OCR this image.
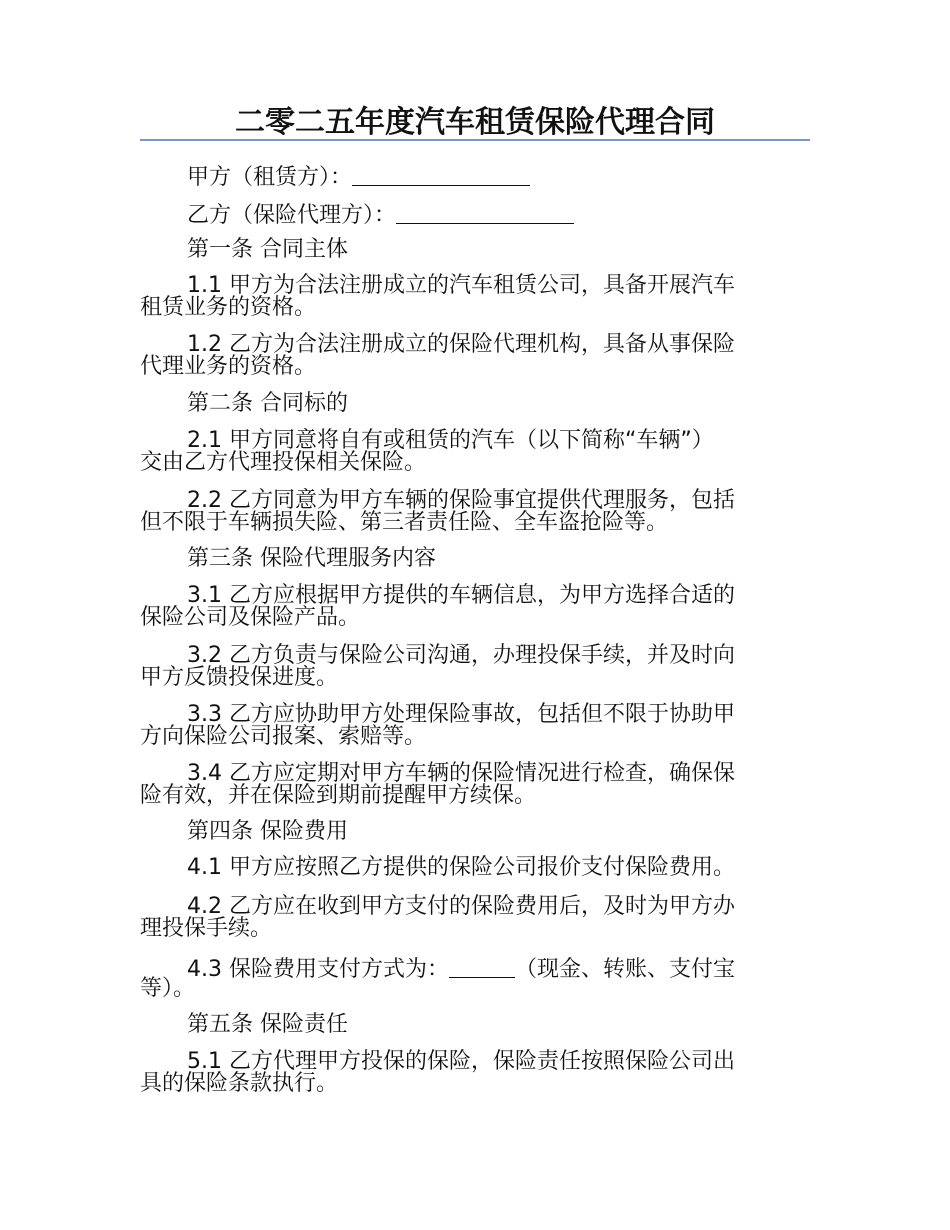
二零二五年度汽车租赁保险代理合同
甲方（租赁方）：
乙方（保险代理方）：
第一条 合同主体
1.1 甲方为合法注册成立的汽车租赁公司，具备开展汽车
租赁业务的资格。
1.2 乙方为合法注册成立的保险代理机构，具备从事保险
代理业务的资格。
第二条 合同标的
2.1 甲方同意将自有或租赁的汽车（以下简称“车辆”）
交由乙方代理投保相关保险。
2.2 乙方同意为甲方车辆的保险事宜提供代理服务，包括
但不限于车辆损失险、第三者责任险、全车盗抢险等。
第三条 保险代理服务内容
3.1 乙方应根据甲方提供的车辆信息，为甲方选择合适的
保险公司及保险产品。
3.2 乙方负责与保险公司沟通，办理投保手续，并及时向
甲方反馈投保进度。
3.3 乙方应协助甲方处理保险事故，包括但不限于协助甲
方向保险公司报案、索赔等。
3.4 乙方应定期对甲方车辆的保险情况进行检查，确保保
险有效，并在保险到期前提醒甲方续保。
第四条 保险费用
4.1 甲方应按照乙方提供的保险公司报价支付保险费用。
4.2 乙方应在收到甲方支付的保险费用后，及时为甲方办
理投保手续。
4.3 保险费用支付方式为：	（现金、转账、支付宝
等）。
第五条 保险责任
5.1 乙方代理甲方投保的保险，保险责任按照保险公司出
具的保险条款执行。
